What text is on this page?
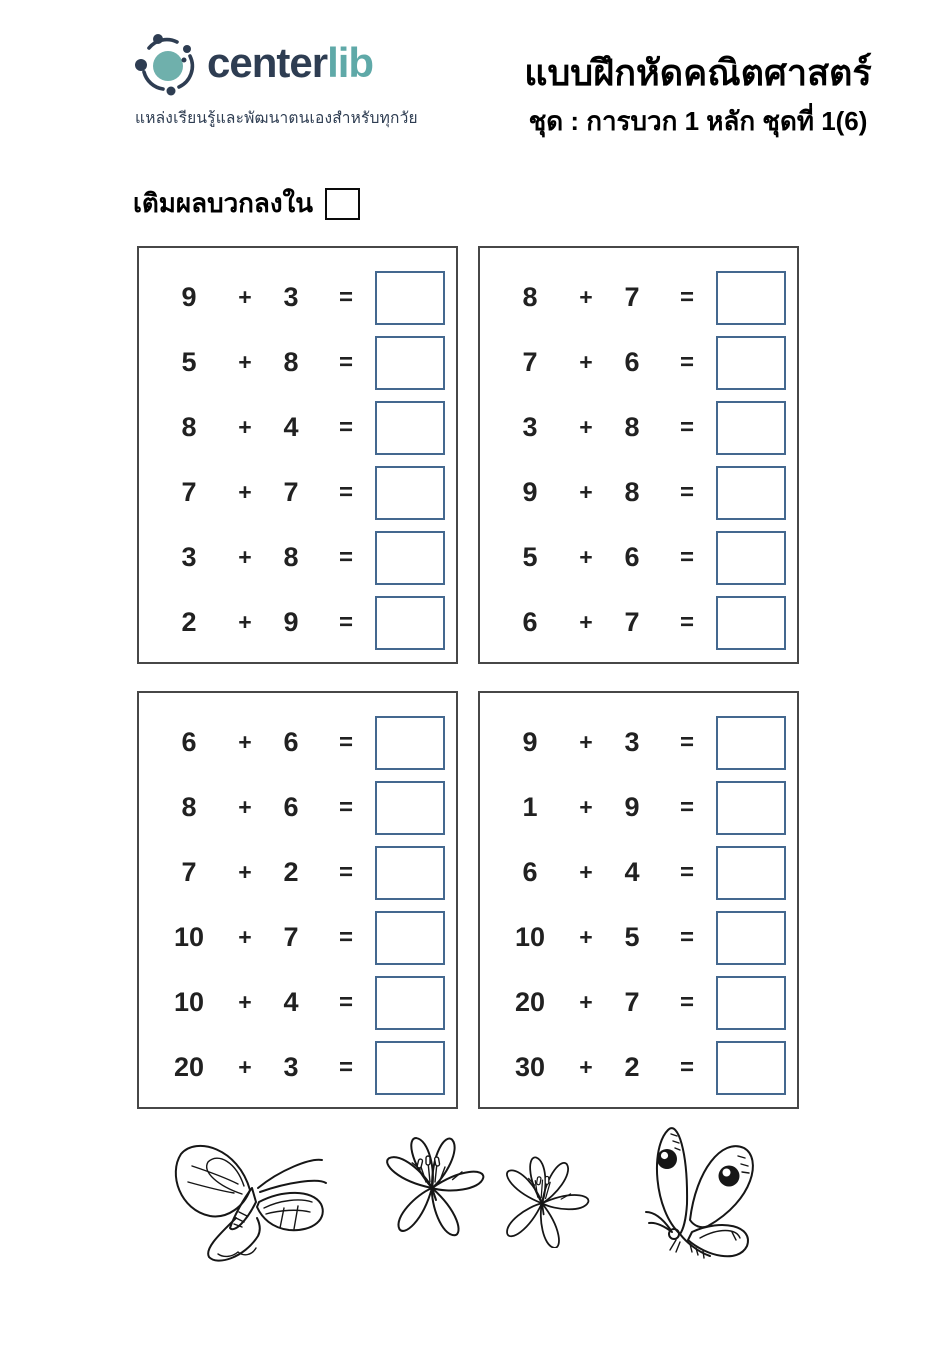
centerlib
แหล่งเรียนรู้และพัฒนาตนเองสำหรับทุกวัย
แบบฝึกหัดคณิตศาสตร์
ชุด : การบวก 1 หลัก ชุดที่ 1(6)
เติมผลบวกลงใน
9	+	3	=
5	+	8	=
8	+	4	=
7	+	7	=
3	+	8	=
2	+	9	=
8	+	7	=
7	+	6	=
3	+	8	=
9	+	8	=
5	+	6	=
6	+	7	=
6	+	6	=
8	+	6	=
7	+	2	=
10	+	7	=
10	+	4	=
20	+	3	=
9	+	3	=
1	+	9	=
6	+	4	=
10	+	5	=
20	+	7	=
30	+	2	=
